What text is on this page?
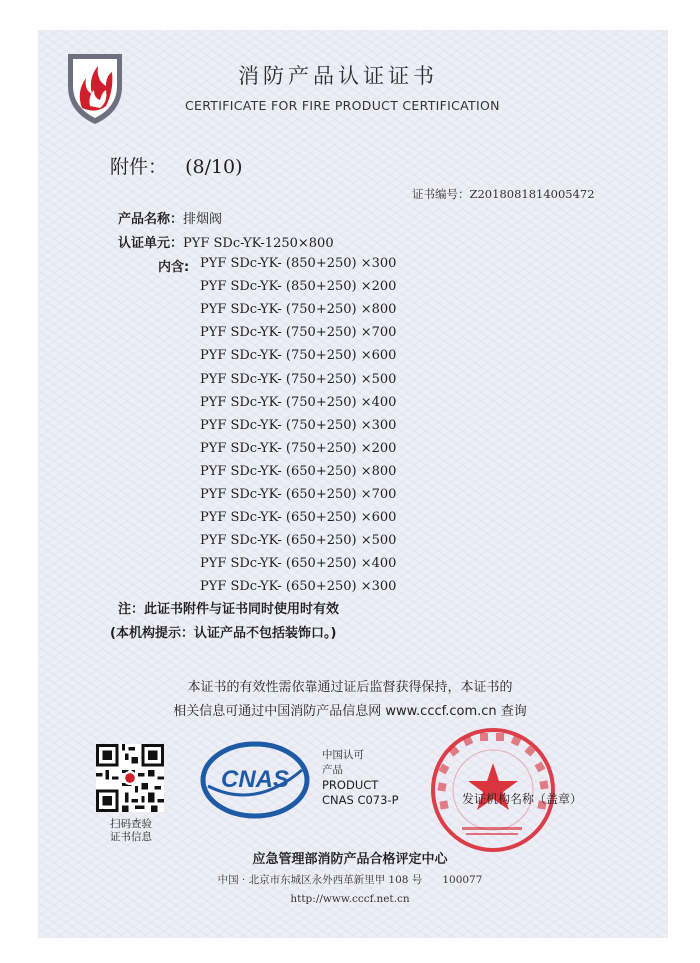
消防产品认证证书
CERTIFICATE FOR FIRE PRODUCT CERTIFICATION
附件： (8/10)
证书编号：Z2018081814005472
产品名称：排烟阀
认证单元：PYF SDc-YK-1250×800
内含: PYF SDc-YK- (850+250) ×300
PYF SDc-YK- (850+250) ×200
PYF SDc-YK- (750+250) ×800
PYF SDc-YK- (750+250) ×700
PYF SDc-YK- (750+250) ×600
PYF SDc-YK- (750+250) ×500
PYF SDc-YK- (750+250) ×400
PYF SDc-YK- (750+250) ×300
PYF SDc-YK- (750+250) ×200
PYF SDc-YK- (650+250) ×800
PYF SDc-YK- (650+250) ×700
PYF SDc-YK- (650+250) ×600
PYF SDc-YK- (650+250) ×500
PYF SDc-YK- (650+250) ×400
PYF SDc-YK- (650+250) ×300
注：此证书附件与证书同时使用时有效
(本机构提示：认证产品不包括装饰口。)
本证书的有效性需依靠通过证后监督获得保持，本证书的
相关信息可通过中国消防产品信息网 www.cccf.com.cn 查询
扫码查验
证书信息
CNAS
中国认可
产品
PRODUCT
CNAS C073-P	发证机构名称（盖章）
应急管理部消防产品合格评定中心
中国 · 北京市东城区永外西革新里甲 108 号      100077
http://www.cccf.net.cn
